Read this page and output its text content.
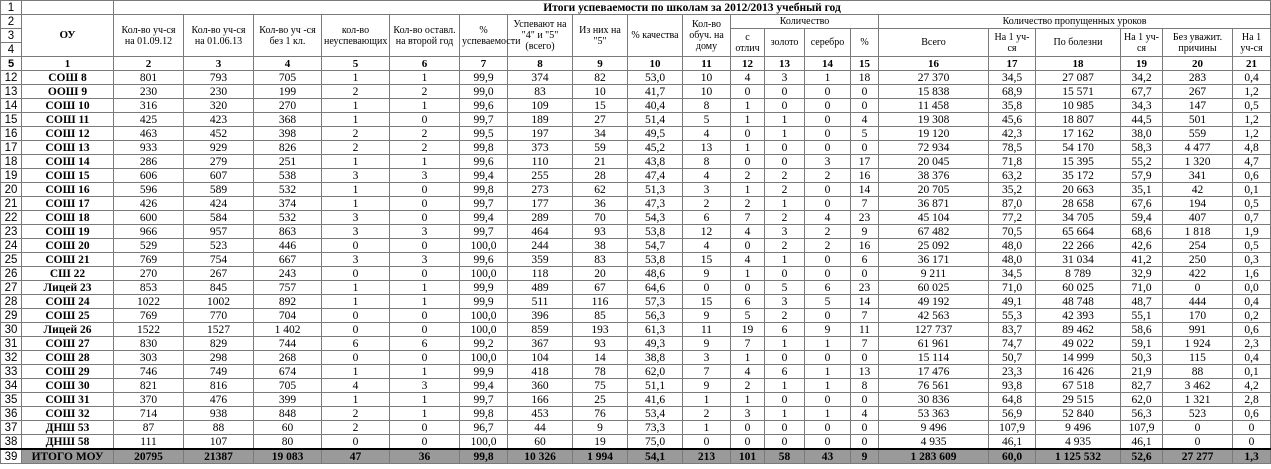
1		Итоги успеваемости по школам за 2012/2013 учебный год																			
2	ОУ	Кол-во уч-ся на 01.09.12	Кол-во уч-ся на 01.06.13	Кол-во уч -ся без 1 кл.	кол-во неуспевающих	Кол-во оставл. на второй год	% успеваемости	Успевают на "4" и "5" (всего)	Из них на "5"	% качества	Кол-во обуч. на дому	Количество				Количество пропущенных уроков					
3												с отлич	золото	серебро	%	Всего	На 1 уч-ся	По болезни	На 1 уч-ся	Без уважит. причины	На 1 уч-ся
4																					
5	1	2	3	4	5	6	7	8	9	10	11	12	13	14	15	16	17	18	19	20	21
12	СОШ 8	801	793	705	1	1	99,9	374	82	53,0	10	4	3	1	18	27 370	34,5	27 087	34,2	283	0,4
13	ООШ 9	230	230	199	2	2	99,0	83	10	41,7	10	0	0	0	0	15 838	68,9	15 571	67,7	267	1,2
14	СОШ 10	316	320	270	1	1	99,6	109	15	40,4	8	1	0	0	0	11 458	35,8	10 985	34,3	147	0,5
15	СОШ 11	425	423	368	1	0	99,7	189	27	51,4	5	1	1	0	4	19 308	45,6	18 807	44,5	501	1,2
16	СОШ 12	463	452	398	2	2	99,5	197	34	49,5	4	0	1	0	5	19 120	42,3	17 162	38,0	559	1,2
17	СОШ 13	933	929	826	2	2	99,8	373	59	45,2	13	1	0	0	0	72 934	78,5	54 170	58,3	4 477	4,8
18	СОШ 14	286	279	251	1	1	99,6	110	21	43,8	8	0	0	3	17	20 045	71,8	15 395	55,2	1 320	4,7
19	СОШ 15	606	607	538	3	3	99,4	255	28	47,4	4	2	2	2	16	38 376	63,2	35 172	57,9	341	0,6
20	СОШ 16	596	589	532	1	0	99,8	273	62	51,3	3	1	2	0	14	20 705	35,2	20 663	35,1	42	0,1
21	СОШ 17	426	424	374	1	0	99,7	177	36	47,3	2	2	1	0	7	36 871	87,0	28 658	67,6	194	0,5
22	СОШ 18	600	584	532	3	0	99,4	289	70	54,3	6	7	2	4	23	45 104	77,2	34 705	59,4	407	0,7
23	СОШ 19	966	957	863	3	3	99,7	464	93	53,8	12	4	3	2	9	67 482	70,5	65 664	68,6	1 818	1,9
24	СОШ 20	529	523	446	0	0	100,0	244	38	54,7	4	0	2	2	16	25 092	48,0	22 266	42,6	254	0,5
25	СОШ 21	769	754	667	3	3	99,6	359	83	53,8	15	4	1	0	6	36 171	48,0	31 034	41,2	250	0,3
26	СШ 22	270	267	243	0	0	100,0	118	20	48,6	9	1	0	0	0	9 211	34,5	8 789	32,9	422	1,6
27	Лицей 23	853	845	757	1	1	99,9	489	67	64,6	0	0	5	6	23	60 025	71,0	60 025	71,0	0	0,0
28	СОШ 24	1022	1002	892	1	1	99,9	511	116	57,3	15	6	3	5	14	49 192	49,1	48 748	48,7	444	0,4
29	СОШ 25	769	770	704	0	0	100,0	396	85	56,3	9	5	2	0	7	42 563	55,3	42 393	55,1	170	0,2
30	Лицей 26	1522	1527	1 402	0	0	100,0	859	193	61,3	11	19	6	9	11	127 737	83,7	89 462	58,6	991	0,6
31	СОШ 27	830	829	744	6	6	99,2	367	93	49,3	9	7	1	1	7	61 961	74,7	49 022	59,1	1 924	2,3
32	СОШ 28	303	298	268	0	0	100,0	104	14	38,8	3	1	0	0	0	15 114	50,7	14 999	50,3	115	0,4
33	СОШ 29	746	749	674	1	1	99,9	418	78	62,0	7	4	6	1	13	17 476	23,3	16 426	21,9	88	0,1
34	СОШ 30	821	816	705	4	3	99,4	360	75	51,1	9	2	1	1	8	76 561	93,8	67 518	82,7	3 462	4,2
35	СОШ 31	370	476	399	1	1	99,7	166	25	41,6	1	1	0	0	0	30 836	64,8	29 515	62,0	1 321	2,8
36	СОШ 32	714	938	848	2	1	99,8	453	76	53,4	2	3	1	1	4	53 363	56,9	52 840	56,3	523	0,6
37	ДНШ 53	87	88	60	2	0	96,7	44	9	73,3	1	0	0	0	0	9 496	107,9	9 496	107,9	0	0
38	ДНШ 58	111	107	80	0	0	100,0	60	19	75,0	0	0	0	0	0	4 935	46,1	4 935	46,1	0	0
39	ИТОГО МОУ	20795	21387	19 083	47	36	99,8	10 326	1 994	54,1	213	101	58	43	9	1 283 609	60,0	1 125 532	52,6	27 277	1,3
